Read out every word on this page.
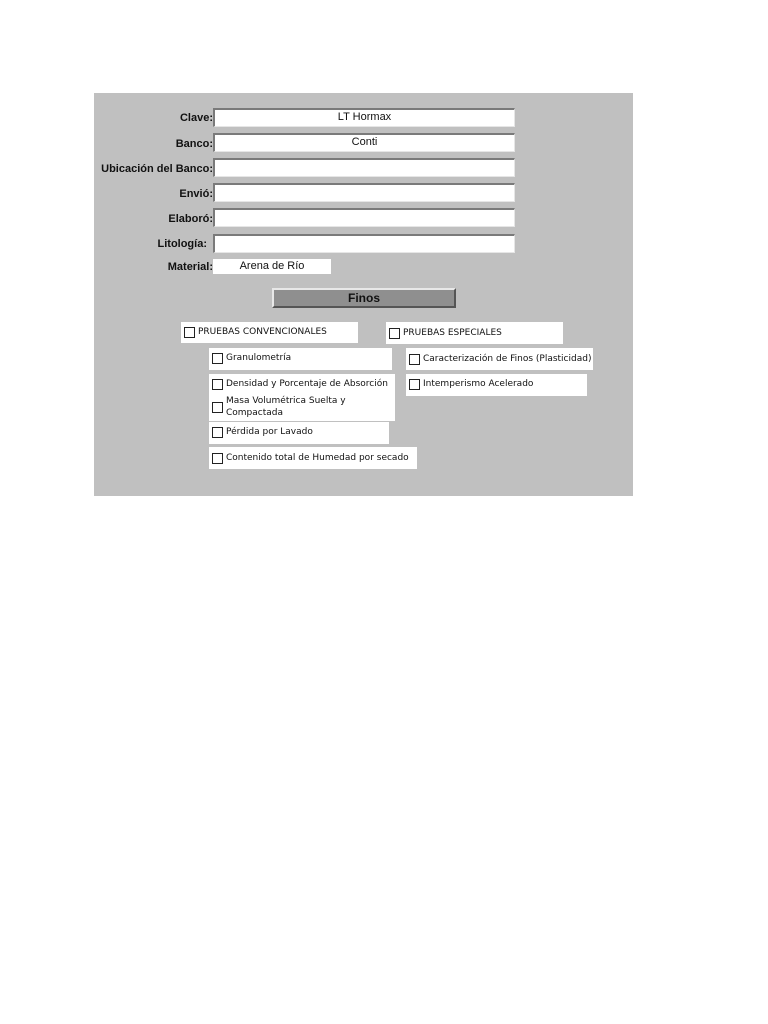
Clave:	LT Hormax
Banco:	Conti
Ubicación del Banco:
Envió:
Elaboró:
Litología:
Material:	Arena de Río
Finos
PRUEBAS CONVENCIONALES	PRUEBAS ESPECIALES
Granulometría
Densidad y Porcentaje de Absorción
Masa Volumétrica Suelta y
Compactada
Pérdida por Lavado
Contenido total de Humedad por secado
Caracterización de Finos (Plasticidad)
Intemperismo Acelerado
